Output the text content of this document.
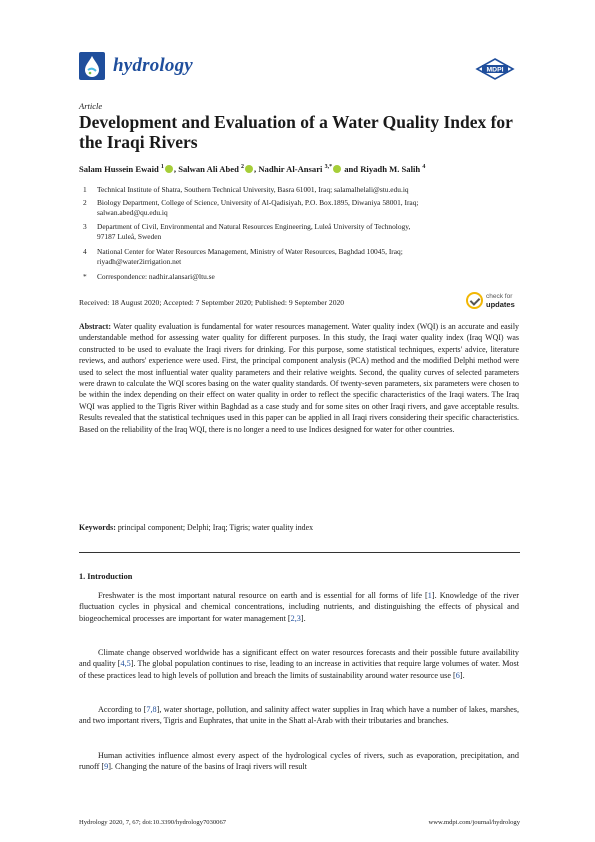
hydrology	MDPI
Article
Development and Evaluation of a Water Quality Index for the Iraqi Rivers
Salam Hussein Ewaid $^1$ , Salwan Ali Abed $^2$ , Nadhir Al-Ansari $^{3,*}$ and Riyadh M. Salih $^4$
1	Technical Institute of Shatra, Southern Technical University, Basra 61001, Iraq; salamalhelali@stu.edu.iq
2	Biology Department, College of Science, University of Al-Qadisiyah, P.O. Box.1895, Diwaniya 58001, Iraq;
salwan.abed@qu.edu.iq
3	Department of Civil, Environmental and Natural Resources Engineering, Luleå University of Technology,
97187 Luleå, Sweden
4	National Center for Water Resources Management, Ministry of Water Resources, Baghdad 10045, Iraq;
riyadh@water2irrigation.net
*	Correspondence: nadhir.alansari@ltu.se
Received: 18 August 2020; Accepted: 7 September 2020; Published: 9 September 2020
check for
updates
Abstract: Water quality evaluation is fundamental for water resources management. Water quality index (WQI) is an accurate and easily understandable method for assessing water quality for different purposes. In this study, the Iraqi water quality index (Iraq WQI) was constructed to be used to evaluate the Iraqi rivers for drinking. For this purpose, some statistical techniques, experts' advice, literature reviews, and authors' experience were used. First, the principal component analysis (PCA) method and the modified Delphi method were used to select the most influential water quality parameters and their relative weights. Second, the quality curves of selected parameters were drawn to calculate the WQI scores basing on the water quality standards. Of twenty-seven parameters, six parameters were chosen to be within the index depending on their effect on water quality in order to reflect the specific characteristics of the Iraqi waters. The Iraq WQI was applied to the Tigris River within Baghdad as a case study and for some sites on other Iraqi rivers, and gave acceptable results. Results revealed that the statistical techniques used in this paper can be applied in all Iraqi rivers considering their specific characteristics. Based on the reliability of the Iraq WQI, there is no longer a need to use Indices designed for water for other countries.
Keywords: principal component; Delphi; Iraq; Tigris; water quality index
1. Introduction
Freshwater is the most important natural resource on earth and is essential for all forms of life [1]. Knowledge of the river fluctuation cycles in physical and chemical concentrations, including nutrients, and distinguishing the effects of physical and biogeochemical processes are important for water management [2,3].
Climate change observed worldwide has a significant effect on water resources forecasts and their possible future availability and quality [4,5]. The global population continues to rise, leading to an increase in activities that require large volumes of water. Most of these practices lead to high levels of pollution and breach the limits of sustainability around water resource use [6].
According to [7,8], water shortage, pollution, and salinity affect water supplies in Iraq which have a number of lakes, marshes, and two important rivers, Tigris and Euphrates, that unite in the Shatt al-Arab with their tributaries and branches.
Human activities influence almost every aspect of the hydrological cycles of rivers, such as evaporation, precipitation, and runoff [9]. Changing the nature of the basins of Iraqi rivers will result
Hydrology 2020, 7, 67; doi:10.3390/hydrology7030067	www.mdpi.com/journal/hydrology
